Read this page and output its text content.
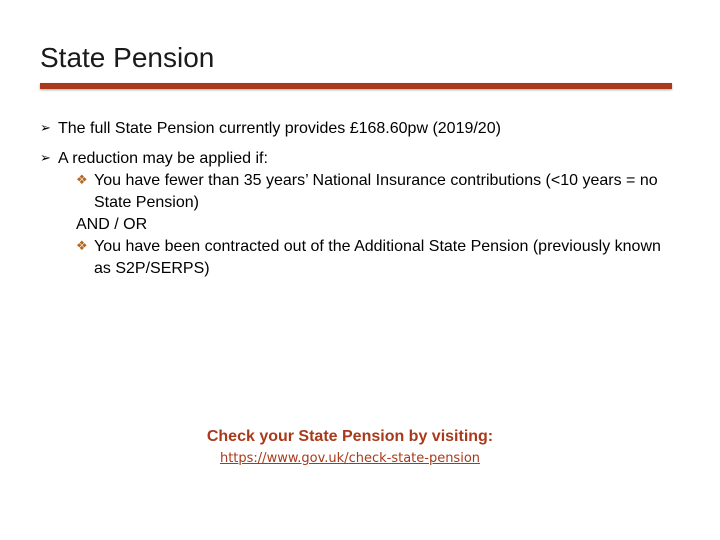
State Pension
➢ The full State Pension currently provides £168.60pw (2019/20)
➢ A reduction may be applied if:
❖ You have fewer than 35 years’ National Insurance contributions (<10 years = no State Pension)
AND / OR
❖ You have been contracted out of the Additional State Pension (previously known as S2P/SERPS)
Check your State Pension by visiting:
https://www.gov.uk/check-state-pension
